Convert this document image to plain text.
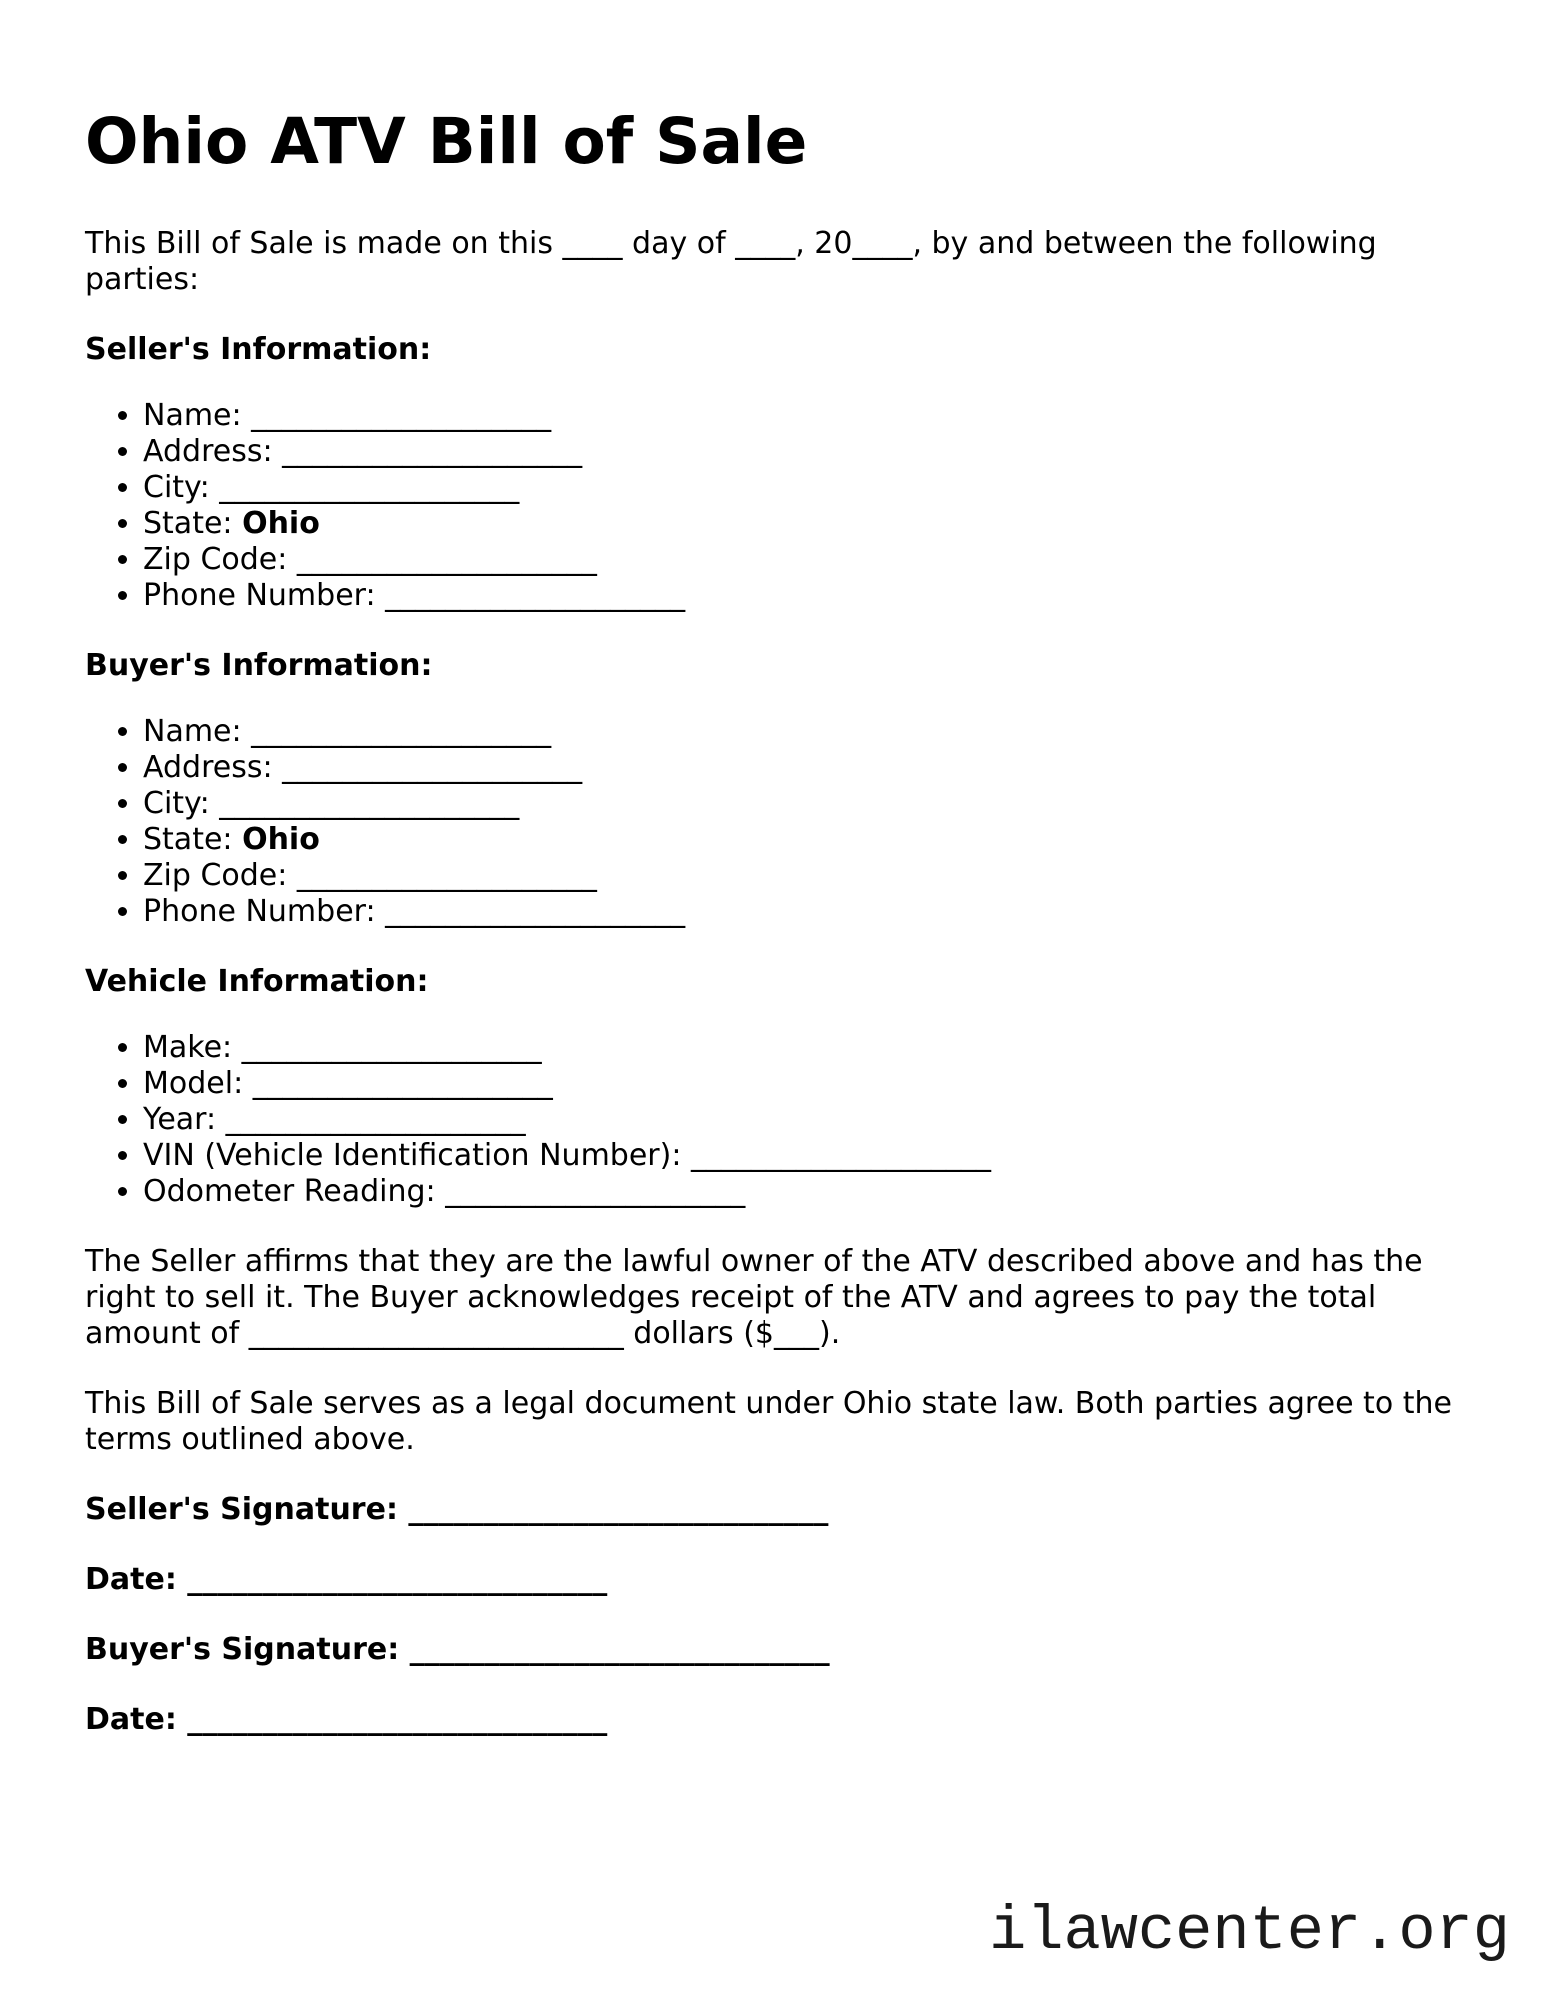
Ohio ATV Bill of Sale

This Bill of Sale is made on this ____ day of ____, 20____, by and between the following
parties:

Seller's Information:
• Name: ____________________
• Address: ____________________
• City: ____________________
• State: Ohio
• Zip Code: ____________________
• Phone Number: ____________________
Buyer's Information:
• Name: ____________________
• Address: ____________________
• City: ____________________
• State: Ohio
• Zip Code: ____________________
• Phone Number: ____________________
Vehicle Information:
• Make: ____________________
• Model: ____________________
• Year: ____________________
• VIN (Vehicle Identification Number): ____________________
• Odometer Reading: ____________________

The Seller affirms that they are the lawful owner of the ATV described above and has the
right to sell it. The Buyer acknowledges receipt of the ATV and agrees to pay the total
amount of _________________________ dollars ($___).

This Bill of Sale serves as a legal document under Ohio state law. Both parties agree to the
terms outlined above.

Seller's Signature: ____________________________

Date: ____________________________

Buyer's Signature: ____________________________

Date: ____________________________

ilawcenter.org
